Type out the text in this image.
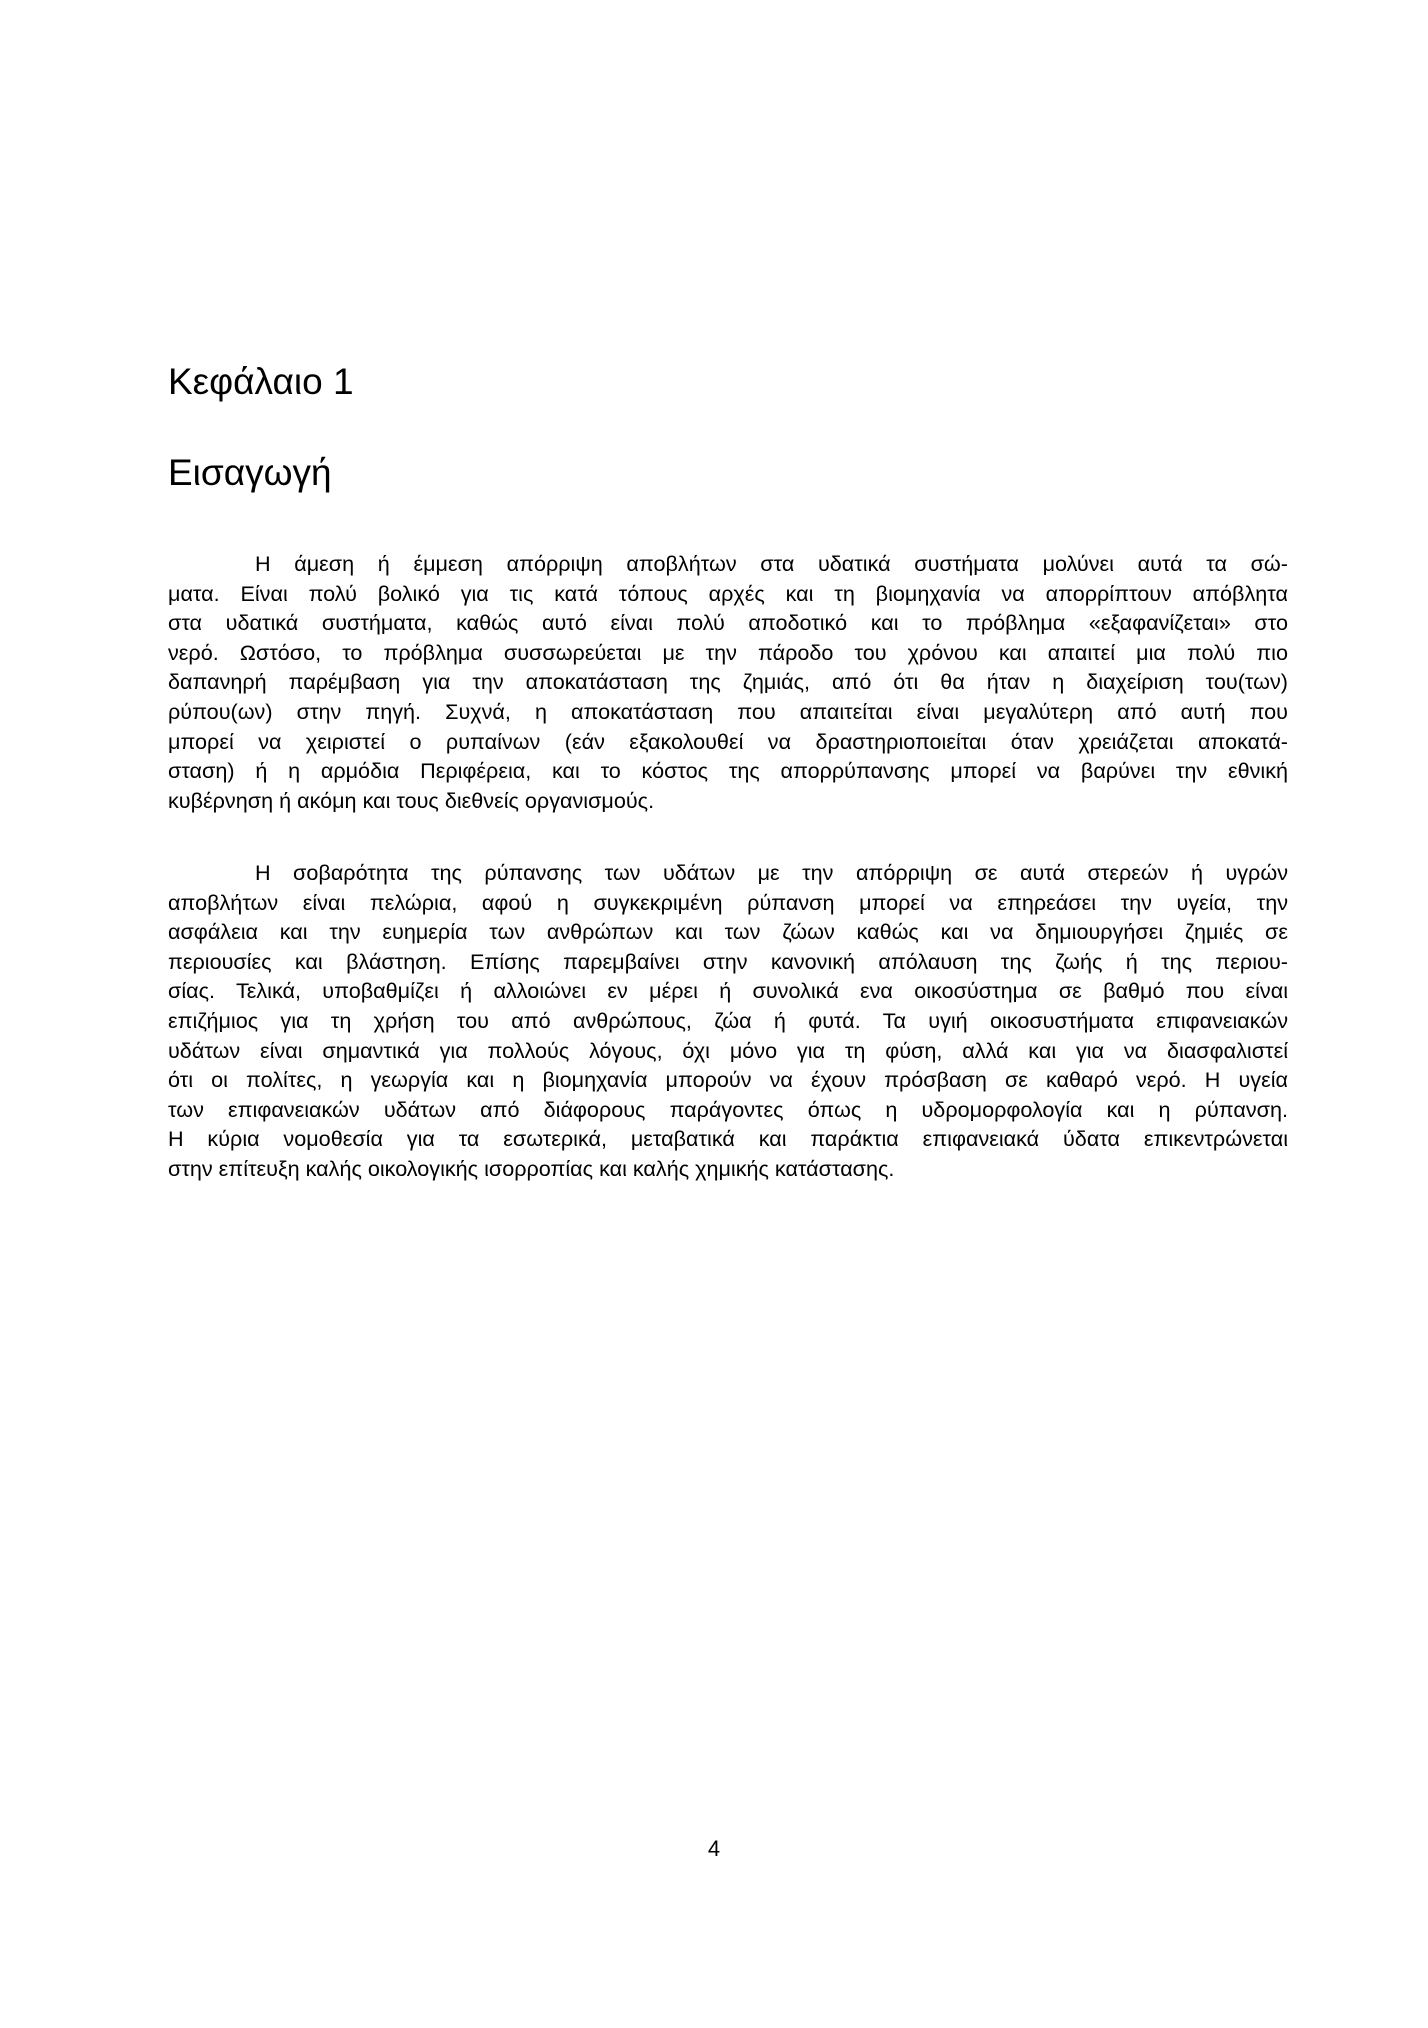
Κεφάλαιο 1
Εισαγωγή
Η άμεση ή έμμεση απόρριψη αποβλήτων στα υδατικά συστήματα μολύνει αυτά τα σώ-
ματα. Είναι πολύ βολικό για τις κατά τόπους αρχές και τη βιομηχανία να απορρίπτουν απόβλητα
στα υδατικά συστήματα, καθώς αυτό είναι πολύ αποδοτικό και το πρόβλημα «εξαφανίζεται» στο
νερό. Ωστόσο, το πρόβλημα συσσωρεύεται με την πάροδο του χρόνου και απαιτεί μια πολύ πιο
δαπανηρή παρέμβαση για την αποκατάσταση της ζημιάς, από ότι θα ήταν η διαχείριση του(των)
ρύπου(ων) στην πηγή. Συχνά, η αποκατάσταση που απαιτείται είναι μεγαλύτερη από αυτή που
μπορεί να χειριστεί ο ρυπαίνων (εάν εξακολουθεί να δραστηριοποιείται όταν χρειάζεται αποκατά-
σταση) ή η αρμόδια Περιφέρεια, και το κόστος της απορρύπανσης μπορεί να βαρύνει την εθνική
κυβέρνηση ή ακόμη και τους διεθνείς οργανισμούς.
Η σοβαρότητα της ρύπανσης των υδάτων με την απόρριψη σε αυτά στερεών ή υγρών
αποβλήτων είναι πελώρια, αφού η συγκεκριμένη ρύπανση μπορεί να επηρεάσει την υγεία, την
ασφάλεια και την ευημερία των ανθρώπων και των ζώων καθώς και να δημιουργήσει ζημιές σε
περιουσίες και βλάστηση. Επίσης παρεμβαίνει στην κανονική απόλαυση της ζωής ή της περιου-
σίας. Τελικά, υποβαθμίζει ή αλλοιώνει εν μέρει ή συνολικά ενα οικοσύστημα σε βαθμό που είναι
επιζήμιος για τη χρήση του από ανθρώπους, ζώα ή φυτά. Τα υγιή οικοσυστήματα επιφανειακών
υδάτων είναι σημαντικά για πολλούς λόγους, όχι μόνο για τη φύση, αλλά και για να διασφαλιστεί
ότι οι πολίτες, η γεωργία και η βιομηχανία μπορούν να έχουν πρόσβαση σε καθαρό νερό. Η υγεία
των επιφανειακών υδάτων από διάφορους παράγοντες όπως η υδρομορφολογία και η ρύπανση.
Η κύρια νομοθεσία για τα εσωτερικά, μεταβατικά και παράκτια επιφανειακά ύδατα επικεντρώνεται
στην επίτευξη καλής οικολογικής ισορροπίας και καλής χημικής κατάστασης.
4
